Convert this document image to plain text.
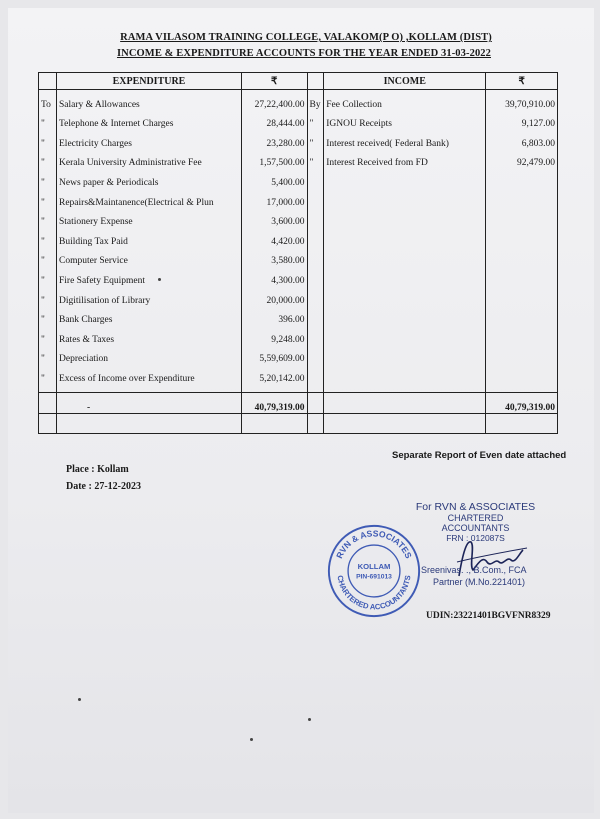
RAMA VILASOM TRAINING COLLEGE, VALAKOM(P O) ,KOLLAM (DIST)
INCOME & EXPENDITURE ACCOUNTS FOR THE YEAR ENDED 31-03-2022
	EXPENDITURE	₹		INCOME	₹
To	Salary & Allowances	27,22,400.00	By	Fee Collection	39,70,910.00
"	Telephone & Internet Charges	28,444.00	"	IGNOU Receipts	9,127.00
"	Electricity Charges	23,280.00	"	Interest received( Federal Bank)	6,803.00
"	Kerala University Administrative Fee	1,57,500.00	"	Interest Received from FD	92,479.00
"	News paper & Periodicals	5,400.00			
"	Repairs&Maintanence(Electrical & Plun	17,000.00			
"	Stationery Expense	3,600.00			
"	Building Tax Paid	4,420.00			
"	Computer Service	3,580.00			
"	Fire Safety Equipment	4,300.00			
"	Digitilisation of Library	20,000.00			
"	Bank Charges	396.00			
"	Rates & Taxes	9,248.00			
"	Depreciation	5,59,609.00			
"	Excess of Income over Expenditure	5,20,142.00			

	-	40,79,319.00			40,79,319.00

Separate Report of Even date attached
Place : Kollam
Date : 27-12-2023
For RVN & ASSOCIATES
CHARTERED ACCOUNTANTS
FRN : 012087S
RVN & ASSOCIATES
CHARTERED ACCOUNTANTS
KOLLAM
PIN-691013
Sreenivas. ., B.Com., FCA
Partner (M.No.221401)
UDIN:23221401BGVFNR8329
